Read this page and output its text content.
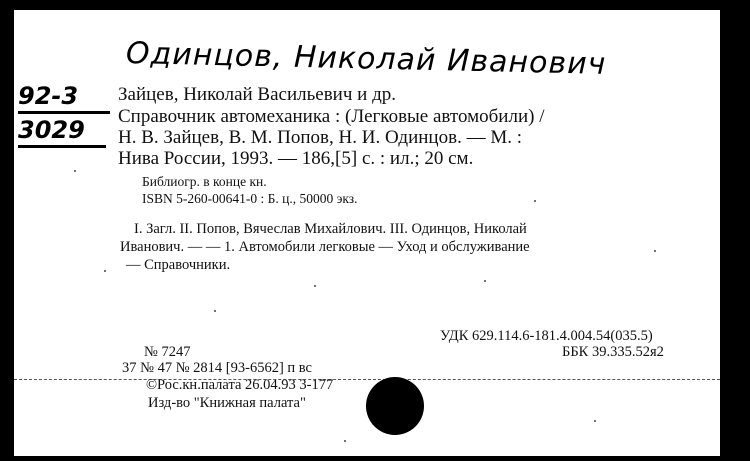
Одинцов, Николай Иванович
92-3
3029
Зайцев, Николай Васильевич и др.
Справочник автомеханика : (Легковые автомобили) /
Н. В. Зайцев, В. М. Попов, Н. И. Одинцов. — М. :
Нива России, 1993. — 186,[5] с. : ил.; 20 см.
Библиогр. в конце кн.
ISBN 5-260-00641-0 : Б. ц., 50000 экз.
I. Загл. II. Попов, Вячеслав Михайлович. III. Одинцов, Николай
Иванович. — — 1. Автомобили легковые — Уход и обслуживание
— Справочники.
УДК 629.114.6-181.4.004.54(035.5)
ББК 39.335.52я2
№ 7247
37 № 47 № 2814 [93-6562] п вс
©Рос.кн.палата 26.04.93 3-177
Изд-во "Книжная палата"
